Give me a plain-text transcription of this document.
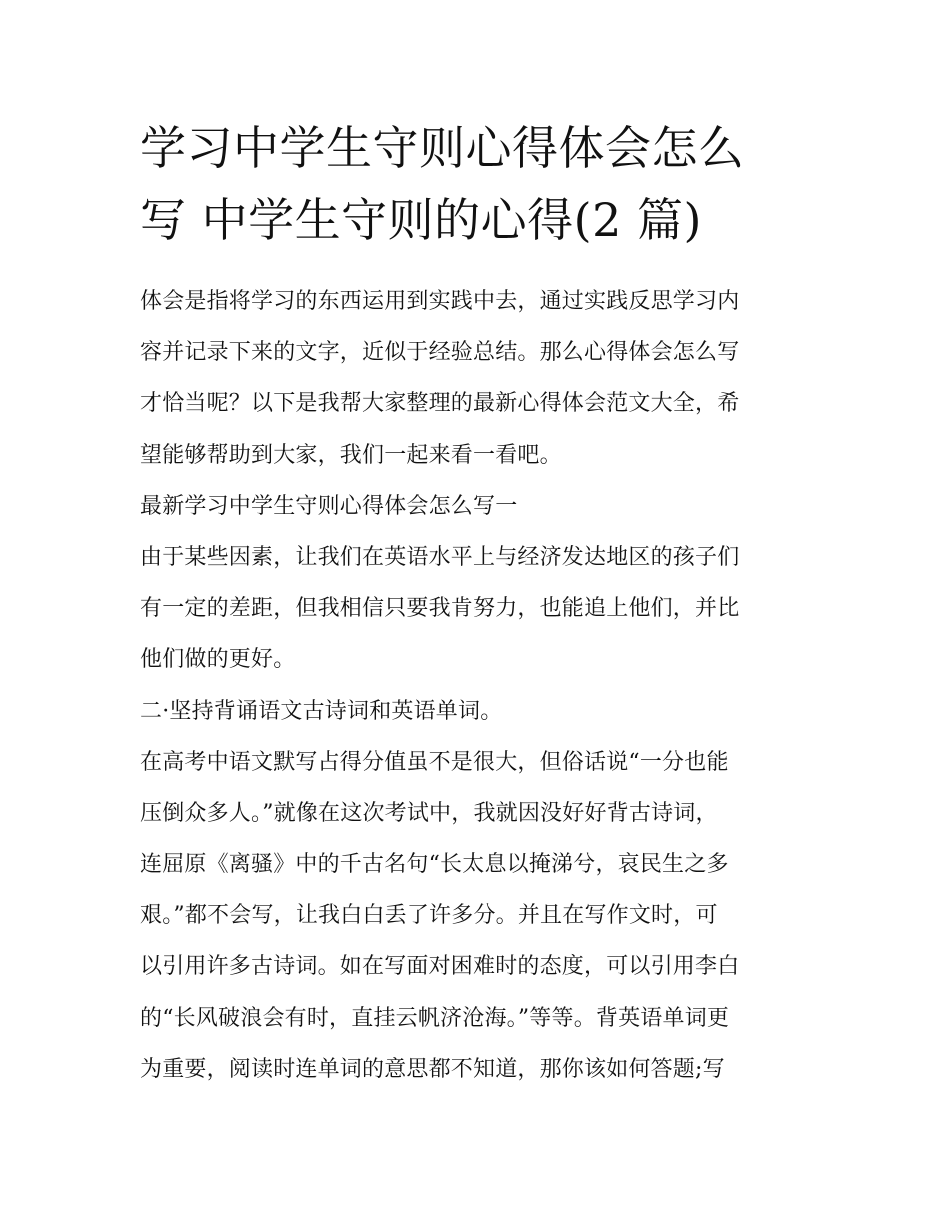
学习中学生守则心得体会怎么
写 中学生守则的心得(2 篇)
体会是指将学习的东西运用到实践中去，通过实践反思学习内
容并记录下来的文字，近似于经验总结。那么心得体会怎么写
才恰当呢？以下是我帮大家整理的最新心得体会范文大全，希
望能够帮助到大家，我们一起来看一看吧。
最新学习中学生守则心得体会怎么写一
由于某些因素，让我们在英语水平上与经济发达地区的孩子们
有一定的差距，但我相信只要我肯努力，也能追上他们，并比
他们做的更好。
二·坚持背诵语文古诗词和英语单词。
在高考中语文默写占得分值虽不是很大，但俗话说“一分也能
压倒众多人。”就像在这次考试中，我就因没好好背古诗词，
连屈原《离骚》中的千古名句“长太息以掩涕兮，哀民生之多
艰。”都不会写，让我白白丢了许多分。并且在写作文时，可
以引用许多古诗词。如在写面对困难时的态度，可以引用李白
的“长风破浪会有时，直挂云帆济沧海。”等等。背英语单词更
为重要，阅读时连单词的意思都不知道，那你该如何答题;写
